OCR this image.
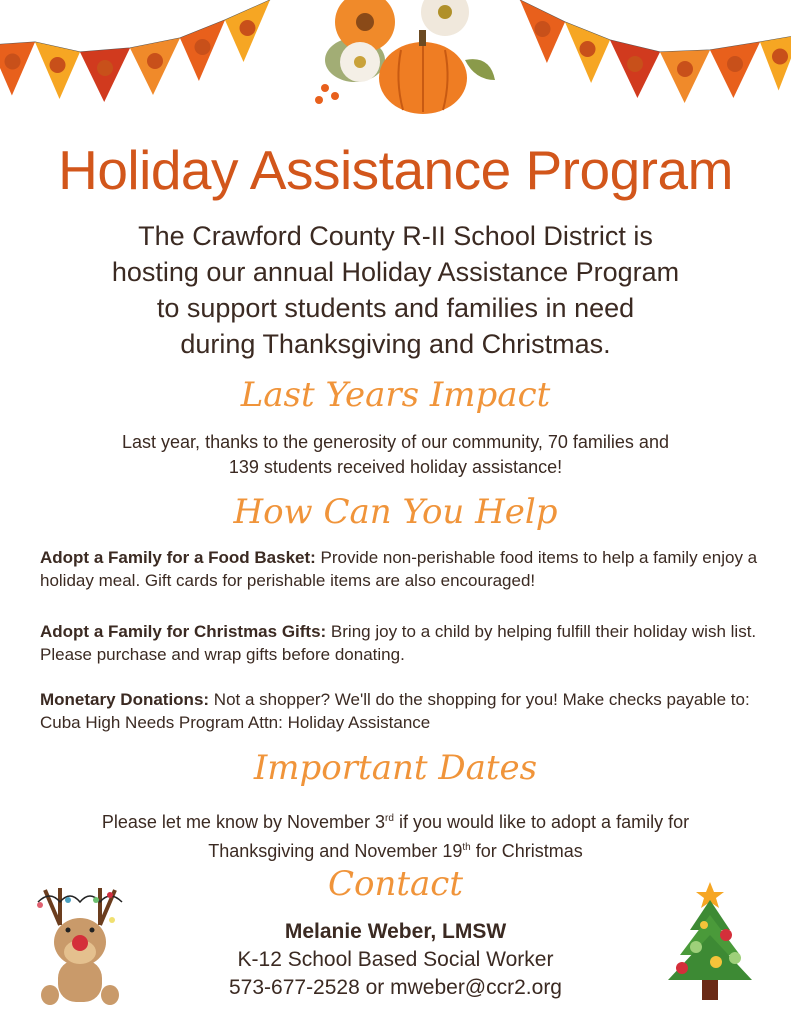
Holiday Assistance Program
The Crawford County R-II School District is
hosting our annual Holiday Assistance Program
to support students and families in need
during Thanksgiving and Christmas.
Last Years Impact
Last year, thanks to the generosity of our community, 70 families and
139 students received holiday assistance!
How Can You Help
Adopt a Family for a Food Basket: Provide non-perishable food items to help a family enjoy a holiday meal. Gift cards for perishable items are also encouraged!
Adopt a Family for Christmas Gifts: Bring joy to a child by helping fulfill their holiday wish list. Please purchase and wrap gifts before donating.
Monetary Donations: Not a shopper? We'll do the shopping for you! Make checks payable to: Cuba High Needs Program Attn: Holiday Assistance
Important Dates
Please let me know by November 3rd if you would like to adopt a family for
Thanksgiving and November 19th for Christmas
Contact
Melanie Weber, LMSW
K-12 School Based Social Worker
573-677-2528 or mweber@ccr2.org
